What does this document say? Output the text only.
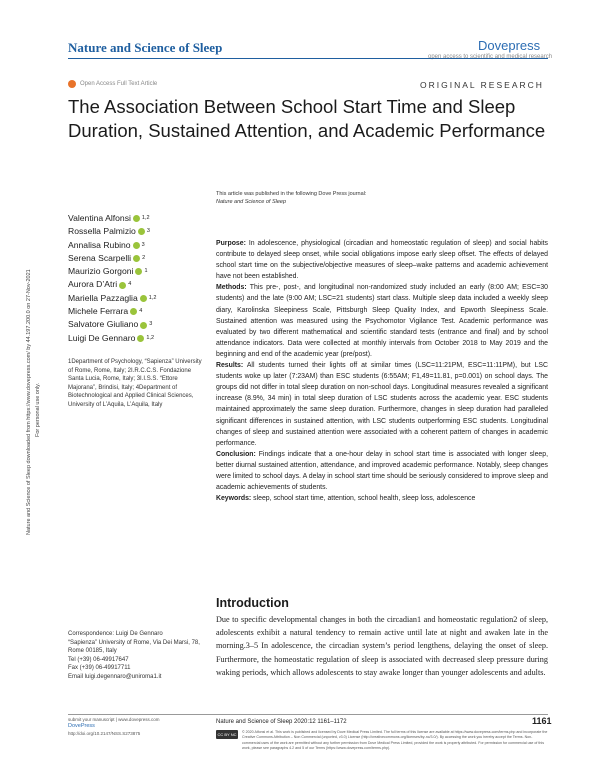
Nature and Science of Sleep	Dovepress
open access to scientific and medical research
Open Access Full Text Article	ORIGINAL RESEARCH
The Association Between School Start Time and Sleep Duration, Sustained Attention, and Academic Performance
This article was published in the following Dove Press journal:
Nature and Science of Sleep
Nature and Science of Sleep downloaded from https://www.dovepress.com/ by 44.197.200.0 on 27-Nov-2021 For personal use only.
Valentina Alfonsi 1,2
Rossella Palmizio 3
Annalisa Rubino 3
Serena Scarpelli 2
Maurizio Gorgoni 1
Aurora D’Atri 4
Mariella Pazzaglia 1,2
Michele Ferrara 4
Salvatore Giuliano 3
Luigi De Gennaro 1,2
1Department of Psychology, “Sapienza” University of Rome, Rome, Italy; 2I.R.C.C.S. Fondazione Santa Lucia, Rome, Italy; 3I.I.S.S. “Ettore Majorana”, Brindisi, Italy; 4Department of Biotechnological and Applied Clinical Sciences, University of L’Aquila, L’Aquila, Italy
Correspondence: Luigi De Gennaro
“Sapienza” University of Rome, Via Dei Marsi, 78, Rome 00185, Italy
Tel (+39) 06-49917647
Fax (+39) 06-49917711
Email luigi.degennaro@uniroma1.it

Purpose: In adolescence, physiological (circadian and homeostatic regulation of sleep) and social habits contribute to delayed sleep onset, while social obligations impose early sleep offset. The effects of delayed school start time on the subjective/objective measures of sleep–wake patterns and academic achievement have not been established.

Methods: This pre-, post-, and longitudinal non-randomized study included an early (8:00 AM; ESC=30 students) and the late (9:00 AM; LSC=21 students) start class. Multiple sleep data included a weekly sleep diary, Karolinska Sleepiness Scale, Pittsburgh Sleep Quality Index, and Epworth Sleepiness Scale. Sustained attention was measured using the Psychomotor Vigilance Test. Academic performance was evaluated by two different mathematical and scientific standard tests (entrance and final) and by school attendance indicators. Data were collected at monthly intervals from October 2018 to May 2019 and the beginning and end of the academic year (pre/post).

Results: All students turned their lights off at similar times (LSC=11:21PM, ESC=11:11PM), but LSC students woke up later (7:23AM) than ESC students (6:55AM; F1,49=11.81, p=0.001) on school days. The groups did not differ in total sleep duration on non-school days. Longitudinal measures revealed a significant increase (8.9%, 34 min) in total sleep duration of LSC students across the academic year. ESC students maintained approximately the same sleep duration. Furthermore, changes in sleep duration had paralleled significant differences in sustained attention, with LSC students outperforming ESC students. Longitudinal changes of sleep and sustained attention were associated with a coherent pattern of changes in academic performance.

Conclusion: Findings indicate that a one-hour delay in school start time is associated with longer sleep, better diurnal sustained attention, attendance, and improved academic performance. Notably, sleep changes were limited to school days. A delay in school start time should be seriously considered to improve sleep and academic achievements of students.

Keywords: sleep, school start time, attention, school health, sleep loss, adolescence

Introduction
Due to specific developmental changes in both the circadian1 and homeostatic regulation2 of sleep, adolescents exhibit a natural tendency to remain active until late at night and awaken late in the morning.3–5 In adolescence, the circadian system’s period lengthens, delaying the onset of sleep. Furthermore, the homeostatic regulation of sleep is associated with decreased sleep pressure during waking periods, which allows adolescents to stay awake longer than younger adolescents and adults.
submit your manuscript | www.dovepress.com
DovePress
http://doi.org/10.2147/NSS.S273875
Nature and Science of Sleep 2020:12 1161–1172	1161
CC BY NC	© 2020 Alfonsi et al. This work is published and licensed by Dove Medical Press Limited. The full terms of this license are available at https://www.dovepress.com/terms.php and incorporate the Creative Commons Attribution – Non Commercial (unported, v3.0) License (http://creativecommons.org/licenses/by-nc/3.0/). By accessing the work you hereby accept the Terms. Non-commercial uses of the work are permitted without any further permission from Dove Medical Press Limited, provided the work is properly attributed. For permission for commercial use of this work, please see paragraphs 4.2 and 5 of our Terms (https://www.dovepress.com/terms.php).
